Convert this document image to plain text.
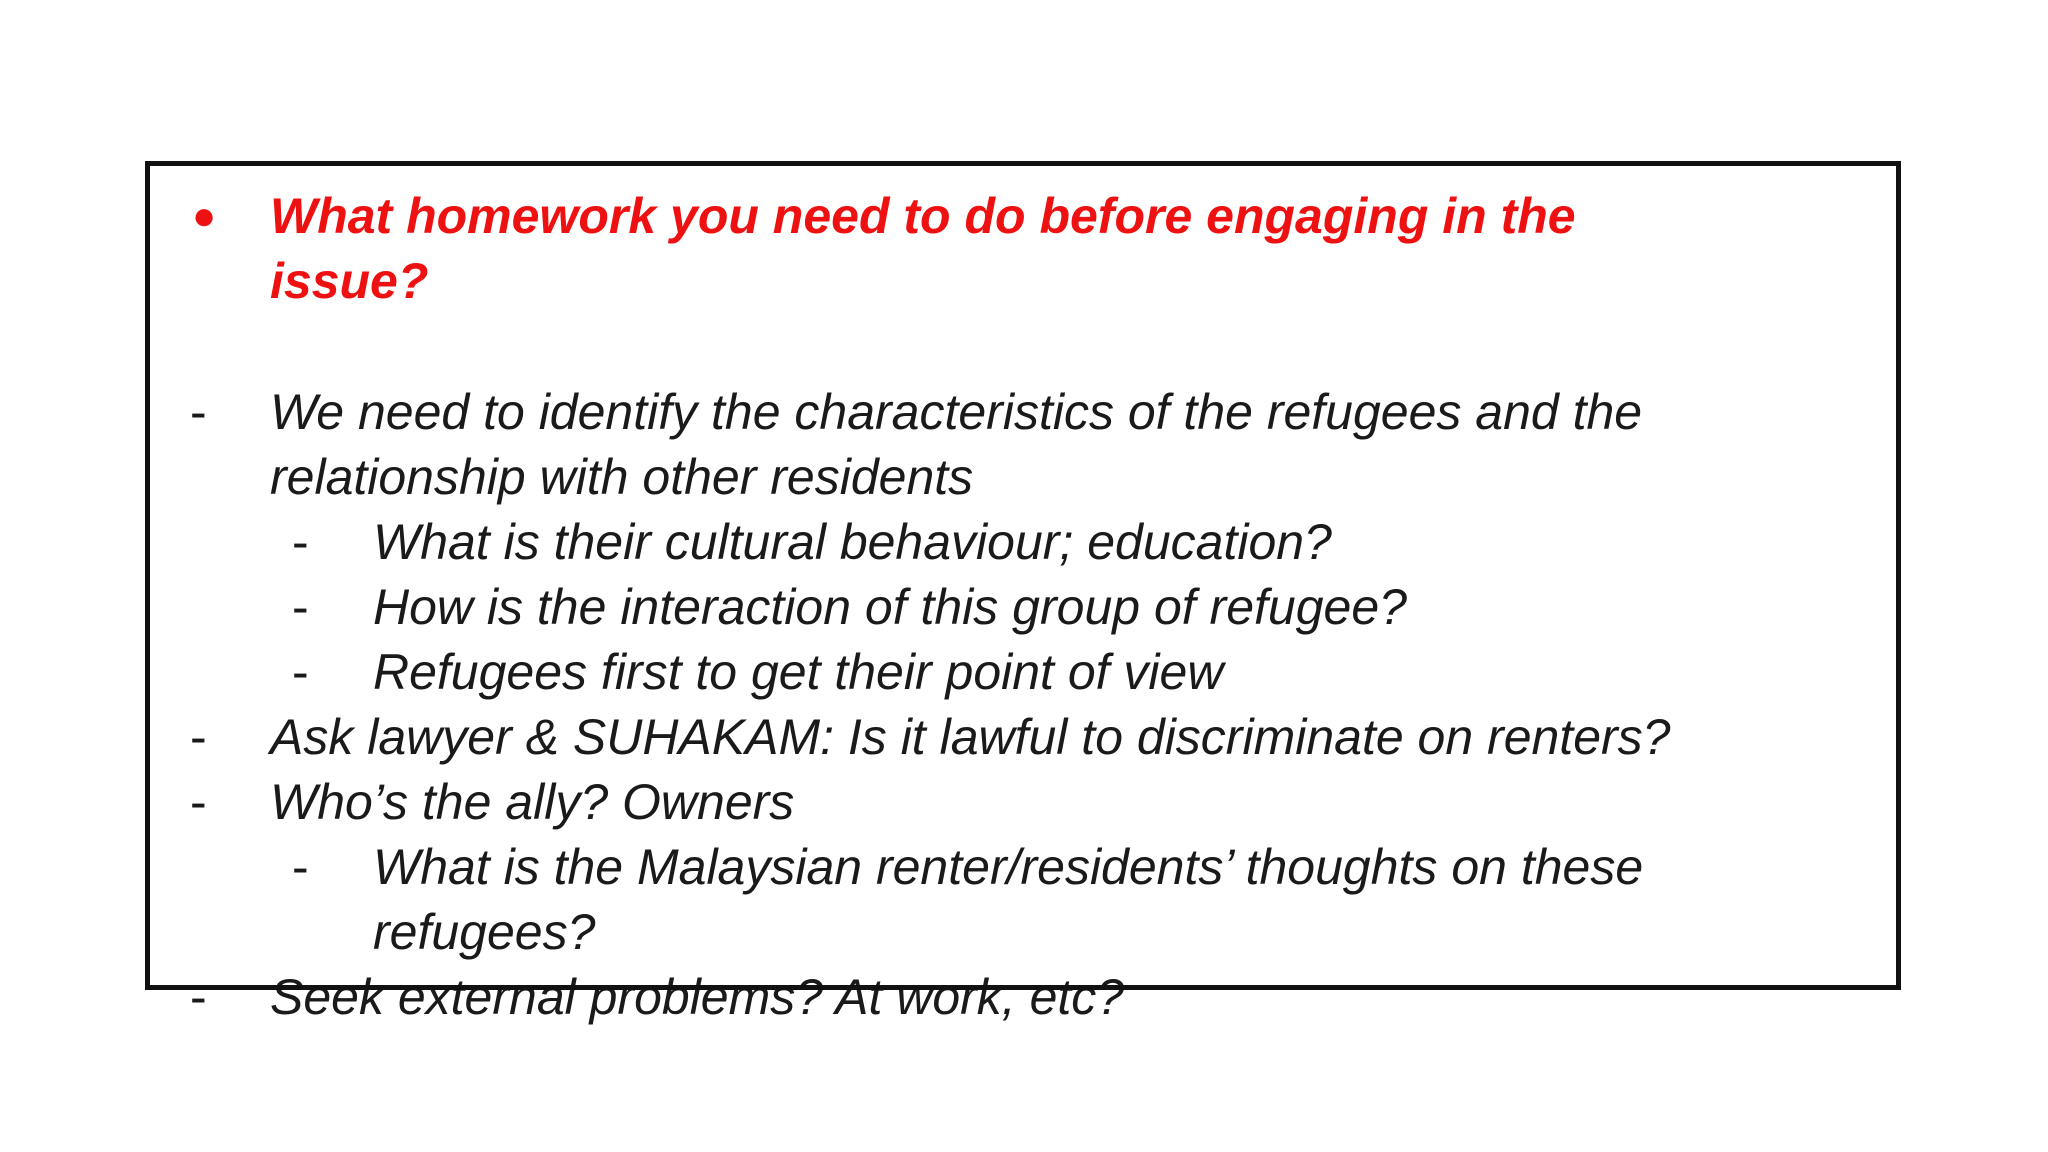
● What homework you need to do before engaging in the
issue?
- We need to identify the characteristics of the refugees and the
relationship with other residents
- What is their cultural behaviour; education?
- How is the interaction of this group of refugee?
- Refugees first to get their point of view
- Ask lawyer & SUHAKAM: Is it lawful to discriminate on renters?
- Who’s the ally? Owners
- What is the Malaysian renter/residents’ thoughts on these
refugees?
- Seek external problems? At work, etc?
